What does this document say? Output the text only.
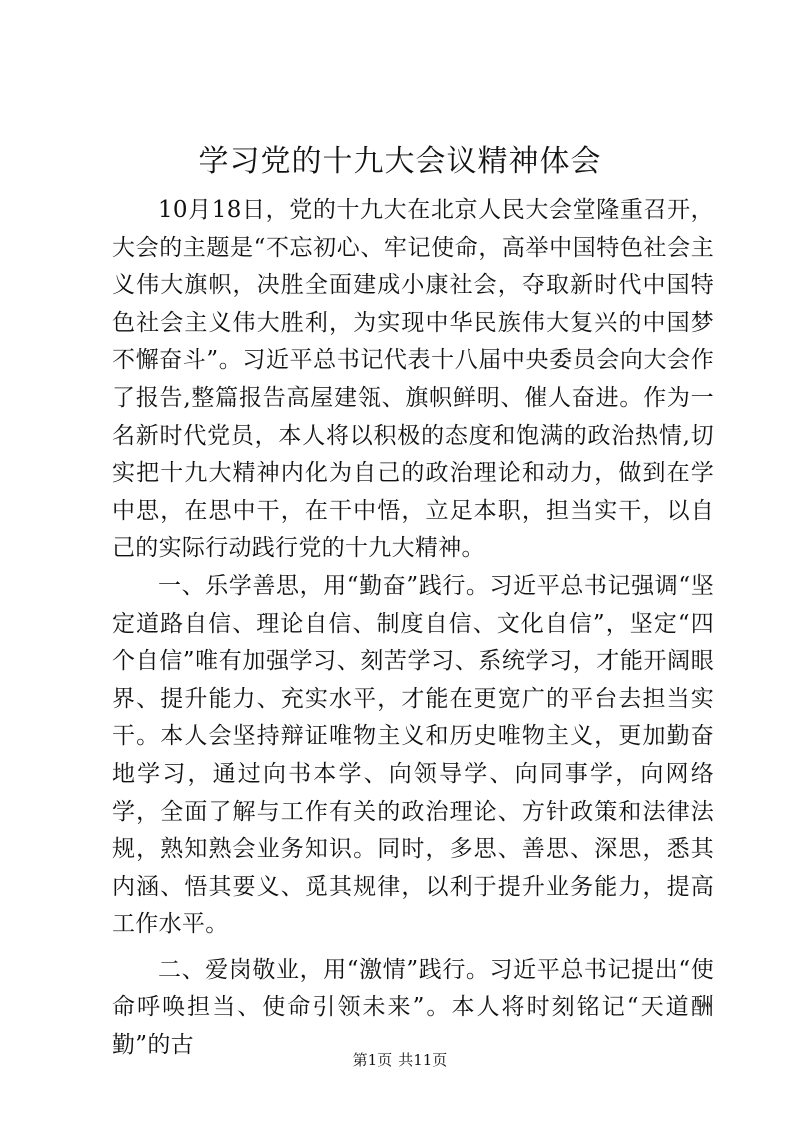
学习党的十九大会议精神体会

10月18日，党的十九大在北京人民大会堂隆重召开，大会的主题是“不忘初心、牢记使命，高举中国特色社会主义伟大旗帜，决胜全面建成小康社会，夺取新时代中国特色社会主义伟大胜利，为实现中华民族伟大复兴的中国梦不懈奋斗”。习近平总书记代表十八届中央委员会向大会作了报告,整篇报告高屋建瓴、旗帜鲜明、催人奋进。作为一名新时代党员，本人将以积极的态度和饱满的政治热情,切实把十九大精神内化为自己的政治理论和动力，做到在学中思，在思中干，在干中悟，立足本职，担当实干，以自己的实际行动践行党的十九大精神。

一、乐学善思，用“勤奋”践行。习近平总书记强调“坚定道路自信、理论自信、制度自信、文化自信”，坚定“四个自信”唯有加强学习、刻苦学习、系统学习，才能开阔眼界、提升能力、充实水平，才能在更宽广的平台去担当实干。本人会坚持辩证唯物主义和历史唯物主义，更加勤奋地学习，通过向书本学、向领导学、向同事学，向网络学，全面了解与工作有关的政治理论、方针政策和法律法规，熟知熟会业务知识。同时，多思、善思、深思，悉其内涵、悟其要义、觅其规律，以利于提升业务能力，提高工作水平。

二、爱岗敬业，用“激情”践行。习近平总书记提出“使命呼唤担当、使命引领未来”。本人将时刻铭记“天道酬勤”的古

第1页 共11页
